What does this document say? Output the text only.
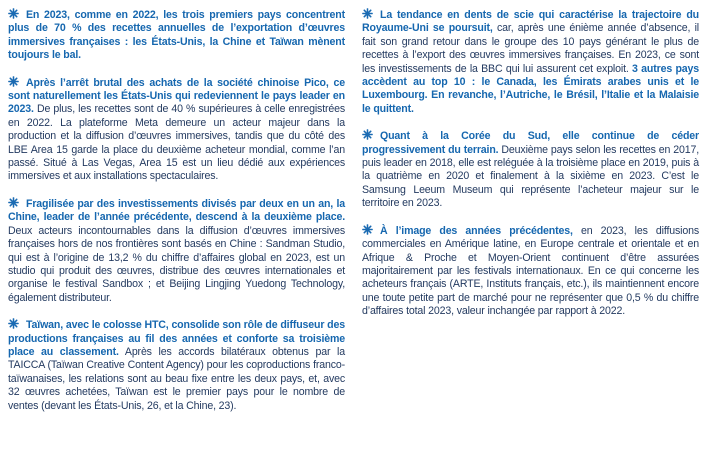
En 2023, comme en 2022, les trois premiers pays concentrent plus de 70 % des recettes annuelles de l’exportation d’œuvres immersives françaises : les États-Unis, la Chine et Taïwan mènent toujours le bal.

Après l’arrêt brutal des achats de la société chinoise Pico, ce sont naturellement les États-Unis qui redeviennent le pays leader en 2023. De plus, les recettes sont de 40 % supérieures à celle enregistrées en 2022. La plateforme Meta demeure un acteur majeur dans la production et la diffusion d’œuvres immersives, tandis que du côté des LBE Area 15 garde la place du deuxième acheteur mondial, comme l’an passé. Situé à Las Vegas, Area 15 est un lieu dédié aux expériences immersives et aux installations spectaculaires.

Fragilisée par des investissements divisés par deux en un an, la Chine, leader de l’année précédente, descend à la deuxième place. Deux acteurs incontournables dans la diffusion d’œuvres immersives françaises hors de nos frontières sont basés en Chine : Sandman Studio, qui est à l’origine de 13,2 % du chiffre d’affaires global en 2023, est un studio qui produit des œuvres, distribue des œuvres internationales et organise le festival Sandbox ; et Beijing Lingjing Yuedong Technology, également distributeur.

Taïwan, avec le colosse HTC, consolide son rôle de diffuseur des productions françaises au fil des années et conforte sa troisième place au classement. Après les accords bilatéraux obtenus par la TAICCA (Taïwan Creative Content Agency) pour les coproductions franco-taïwanaises, les relations sont au beau fixe entre les deux pays, et, avec 32 œuvres achetées, Taïwan est le premier pays pour le nombre de ventes (devant les États-Unis, 26, et la Chine, 23).

La tendance en dents de scie qui caractérise la trajectoire du Royaume-Uni se poursuit, car, après une énième année d’absence, il fait son grand retour dans le groupe des 10 pays générant le plus de recettes à l’export des œuvres immersives françaises. En 2023, ce sont les investissements de la BBC qui lui assurent cet exploit. 3 autres pays accèdent au top 10 : le Canada, les Émirats arabes unis et le Luxembourg. En revanche, l’Autriche, le Brésil, l’Italie et la Malaisie le quittent.

Quant à la Corée du Sud, elle continue de céder progressivement du terrain. Deuxième pays selon les recettes en 2017, puis leader en 2018, elle est reléguée à la troisième place en 2019, puis à la quatrième en 2020 et finalement à la sixième en 2023. C’est le Samsung Leeum Museum qui représente l’acheteur majeur sur le territoire en 2023.

À l’image des années précédentes, en 2023, les diffusions commerciales en Amérique latine, en Europe centrale et orientale et en Afrique & Proche et Moyen-Orient continuent d’être assurées majoritairement par les festivals internationaux. En ce qui concerne les acheteurs français (ARTE, Instituts français, etc.), ils maintiennent encore une toute petite part de marché pour ne représenter que 0,5 % du chiffre d’affaires total 2023, valeur inchangée par rapport à 2022.
